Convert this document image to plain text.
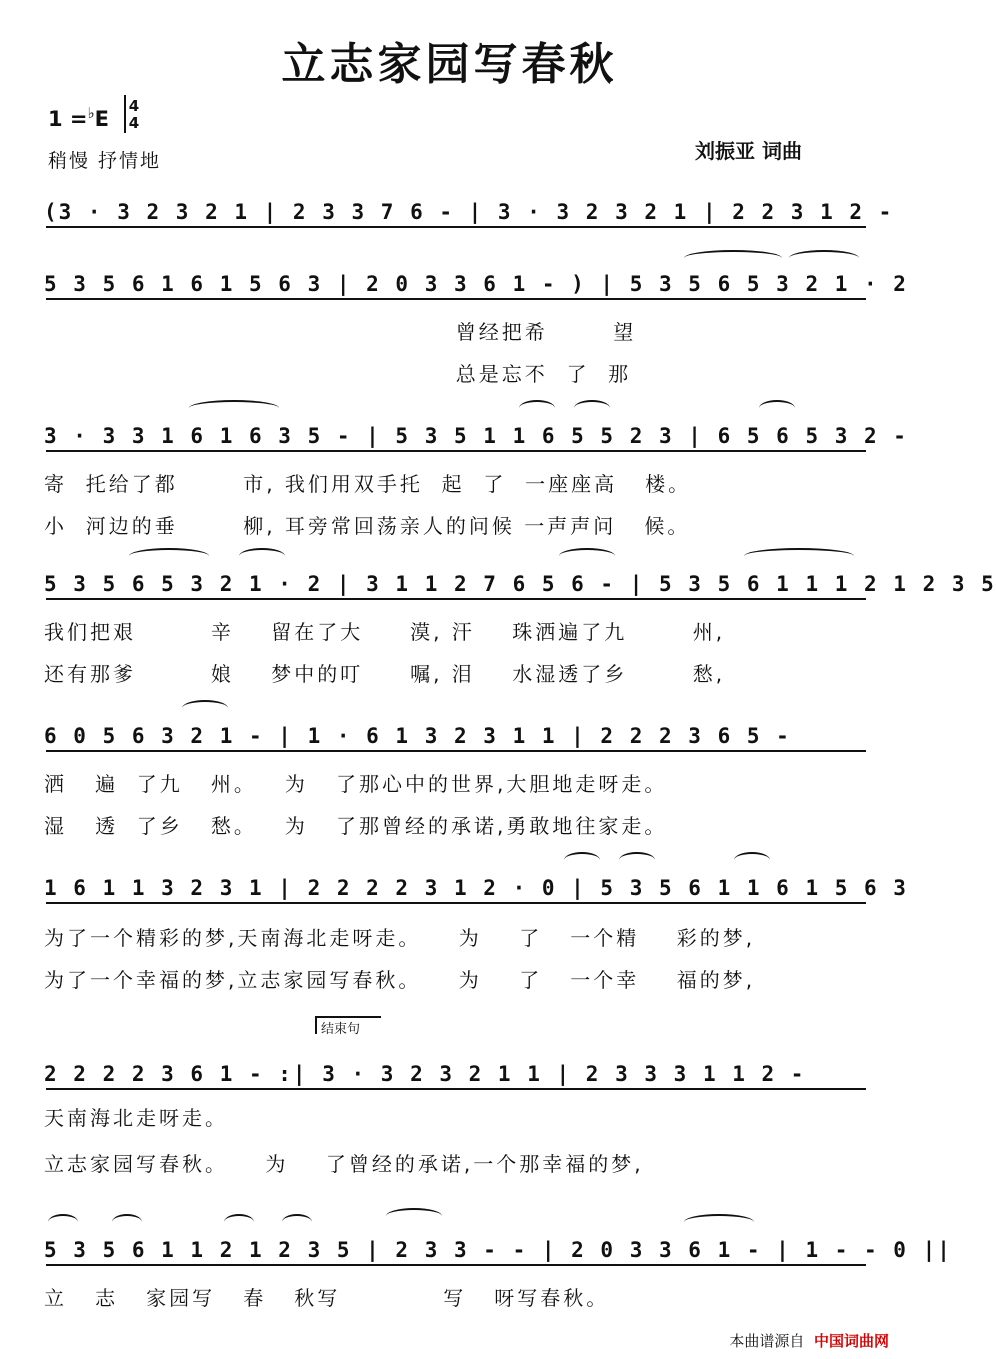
立志家园写春秋
1 =♭E
4
4
稍慢 抒情地	刘振亚 词曲
(3 · 3 2 3 2 1 | 2 3 3 7 6 - | 3 · 3 2 3 2 1 | 2 2 3 1 2 -
5 3 5 6 1 6 1 5 6 3 | 2 0 3 3 6 1 - ) | 5 3 5 6 5 3 2 1 · 2
曾经把希       望
总是忘不  了  那
3 · 3 3 1 6 1 6 3 5 - | 5 3 5 1 1 6 5 5 2 3 | 6 5 6 5 3 2 -
寄  托给了都       市, 我们用双手托  起  了  一座座高   楼。
小  河边的垂       柳, 耳旁常回荡亲人的问候 一声声问   候。
5 3 5 6 5 3 2 1 · 2 | 3 1 1 2 7 6 5 6 - | 5 3 5 6 1 1 1 2 1 2 3 5
我们把艰        辛    留在了大     漠, 汗    珠洒遍了九       州,
还有那爹        娘    梦中的叮     嘱, 泪    水湿透了乡       愁,
6 0 5 6 3 2 1 - | 1 · 6 1 3 2 3 1 1 | 2 2 2 3 6 5 -
洒   遍  了九   州。   为   了那心中的世界,大胆地走呀走。
湿   透  了乡   愁。   为   了那曾经的承诺,勇敢地往家走。
1 6 1 1 3 2 3 1 | 2 2 2 2 3 1 2 · 0 | 5 3 5 6 1 1 6 1 5 6 3
为了一个精彩的梦,天南海北走呀走。    为    了   一个精    彩的梦,
为了一个幸福的梦,立志家园写春秋。    为    了   一个幸    福的梦,
结束句
2 2 2 2 3 6 1 - :| 3 · 3 2 3 2 1 1 | 2 3 3 3 1 1 2 -
天南海北走呀走。
立志家园写春秋。    为    了曾经的承诺,一个那幸福的梦,
5 3 5 6 1 1 2 1 2 3 5 | 2 3 3 - - | 2 0 3 3 6 1 - | 1 - - 0 ||
立   志   家园写   春   秋写           写   呀写春秋。
本曲谱源自 中国词曲网
